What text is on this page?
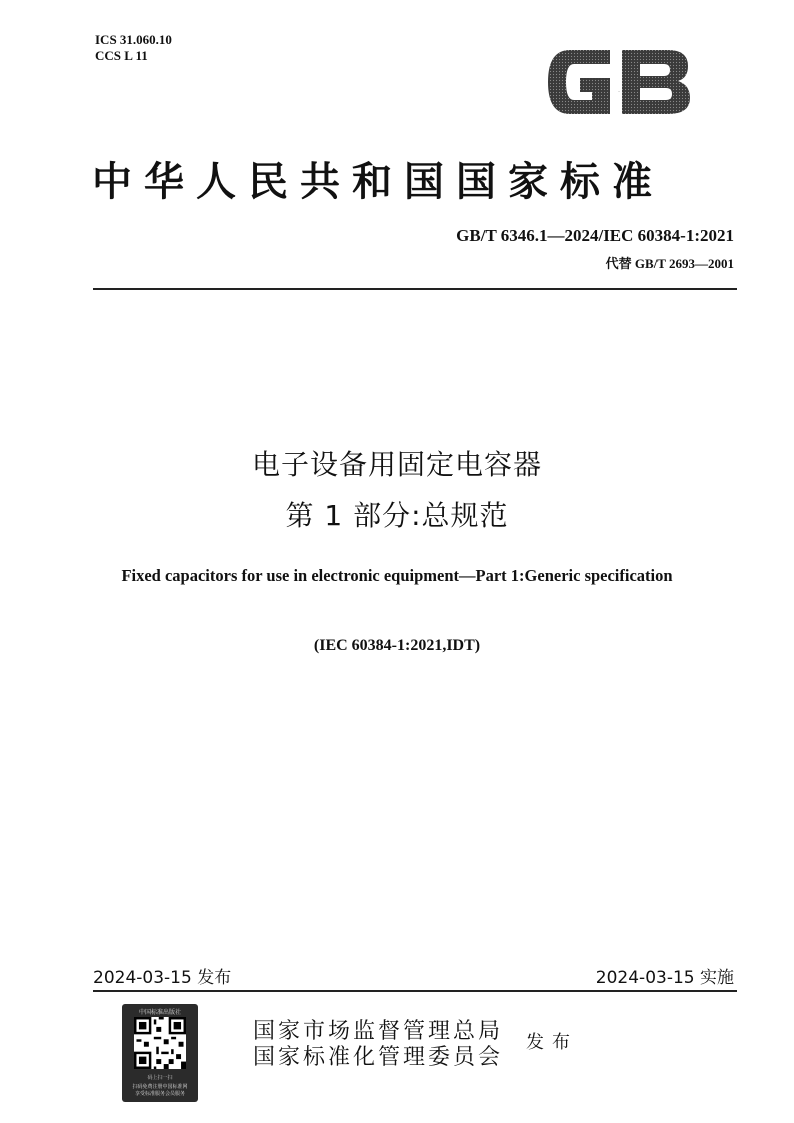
ICS 31.060.10
CCS L 11
GB
中华人民共和国国家标准
GB/T 6346.1—2024/IEC 60384-1:2021
代替 GB/T 2693—2001
电子设备用固定电容器
第 1 部分:总规范
Fixed capacitors for use in electronic equipment—Part 1:Generic specification
(IEC 60384-1:2021,IDT)
2024-03-15 发布	2024-03-15 实施
中国标准出版社
码上扫一扫
扫码免费注册中国标准网
享受标准服务会员服务
国家市场监督管理总局
国家标准化管理委员会
发布
